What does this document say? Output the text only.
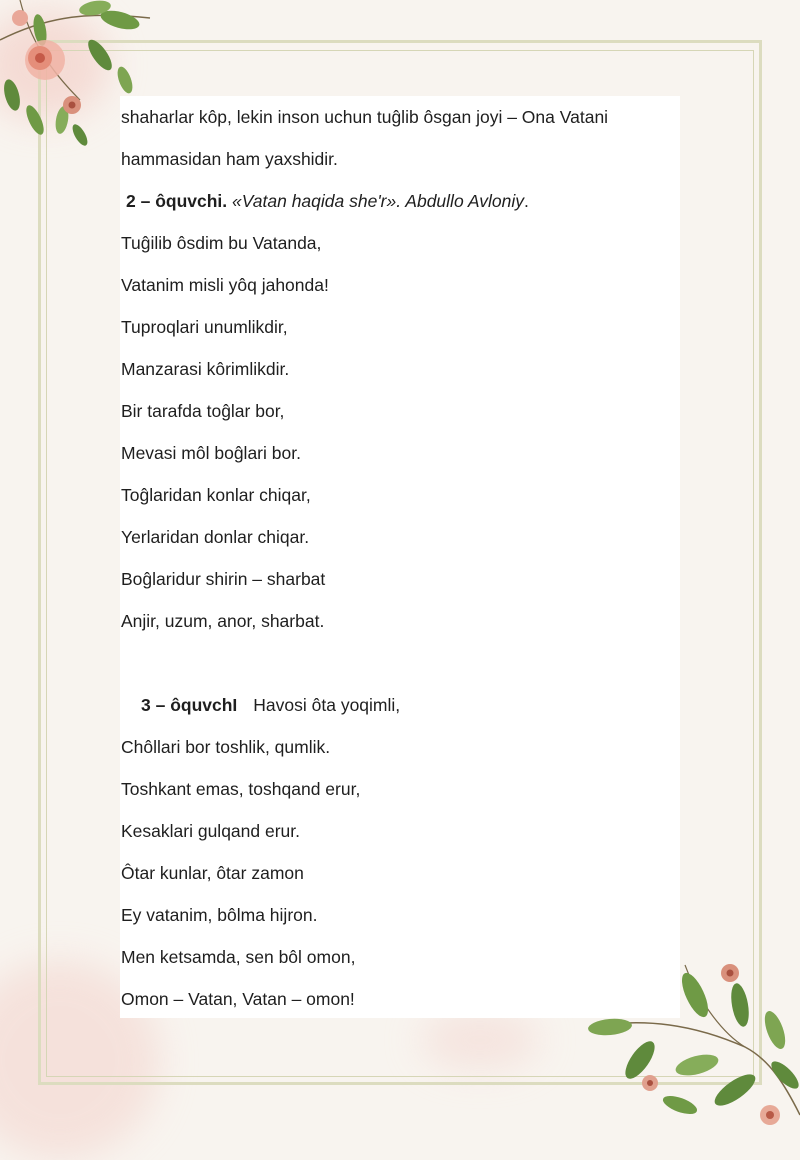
shaharlar kôp, lekin inson uchun tuĝlib ôsgan joyi – Ona Vatani
hammasidan ham yaxshidir.
2 – ôquvchi. «Vatan haqida she'r». Abdullo Avloniy.
Tuĝilib ôsdim bu Vatanda,
Vatanim misli yôq jahonda!
Tuproqlari unumlikdir,
Manzarasi kôrimlikdir.
Bir tarafda toĝlar bor,
Mevasi môl boĝlari bor.
Toĝlaridan konlar chiqar,
Yerlaridan donlar chiqar.
Boĝlaridur shirin – sharbat
Anjir, uzum, anor, sharbat.
3 – ôquvchI Havosi ôta yoqimli,
Chôllari bor toshlik, qumlik.
Toshkant emas, toshqand erur,
Kesaklari gulqand erur.
Ôtar kunlar, ôtar zamon
Ey vatanim, bôlma hijron.
Men ketsamda, sen bôl omon,
Omon – Vatan, Vatan – omon!
